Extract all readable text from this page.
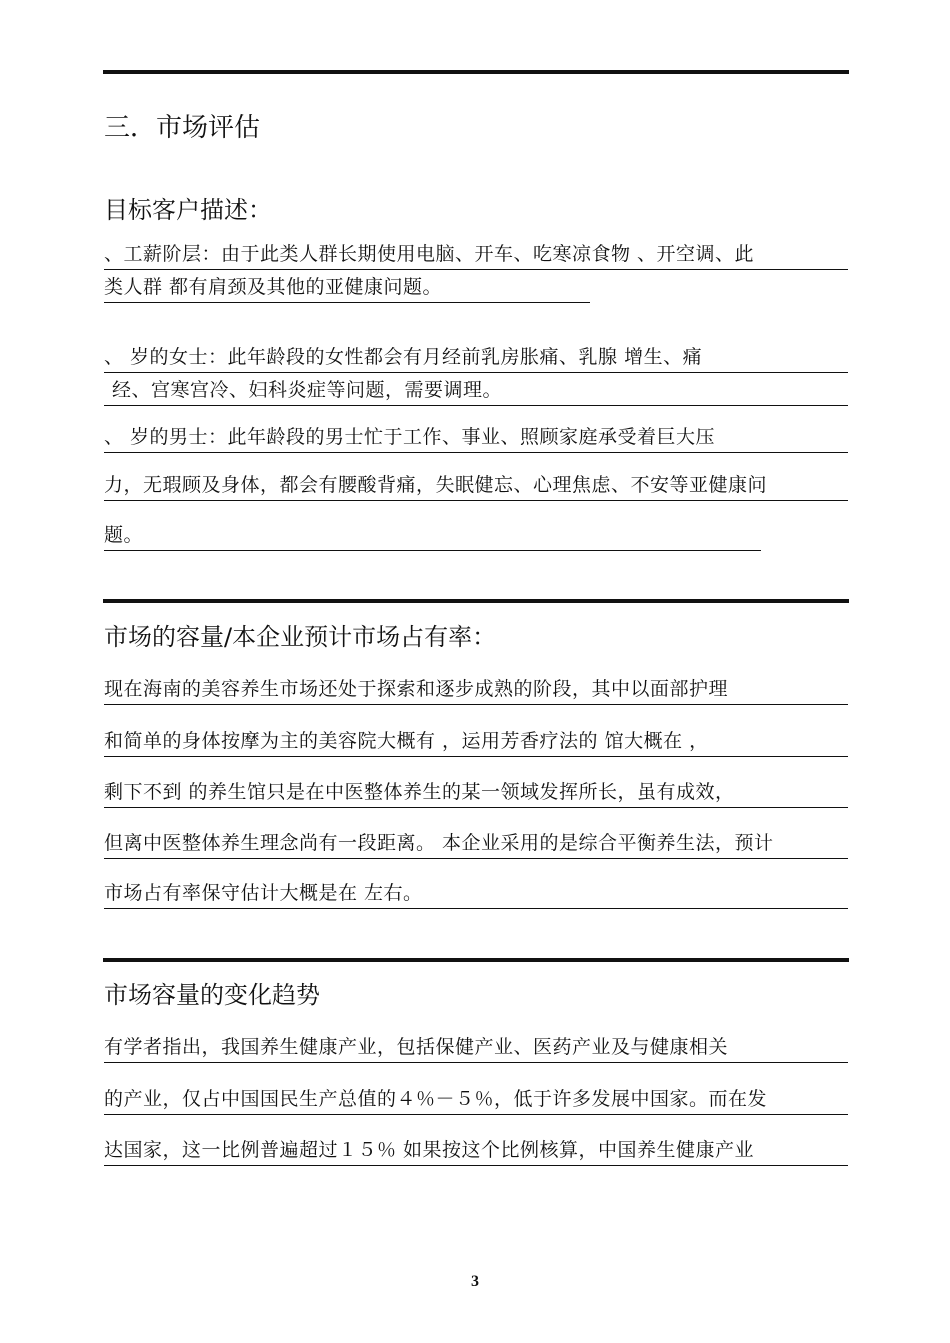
三．市场评估
目标客户描述：
、工薪阶层：由于此类人群长期使用电脑、开车、吃寒凉食物 、开空调、此
类人群 都有肩颈及其他的亚健康问题。
、 岁的女士：此年龄段的女性都会有月经前乳房胀痛、乳腺 增生、痛
经、宫寒宫冷、妇科炎症等问题，需要调理。
、 岁的男士：此年龄段的男士忙于工作、事业、照顾家庭承受着巨大压
力，无瑕顾及身体，都会有腰酸背痛，失眠健忘、心理焦虑、不安等亚健康问
题。
市场的容量/本企业预计市场占有率：
现在海南的美容养生市场还处于探索和逐步成熟的阶段，其中以面部护理
和简单的身体按摩为主的美容院大概有 ，运用芳香疗法的 馆大概在 ，
剩下不到 的养生馆只是在中医整体养生的某一领域发挥所长，虽有成效，
但离中医整体养生理念尚有一段距离。 本企业采用的是综合平衡养生法，预计
市场占有率保守估计大概是在 左右。
市场容量的变化趋势
有学者指出，我国养生健康产业，包括保健产业、医药产业及与健康相关
的产业，仅占中国国民生产总值的４％－５％，低于许多发展中国家。而在发
达国家，这一比例普遍超过１５％ 如果按这个比例核算，中国养生健康产业
3
